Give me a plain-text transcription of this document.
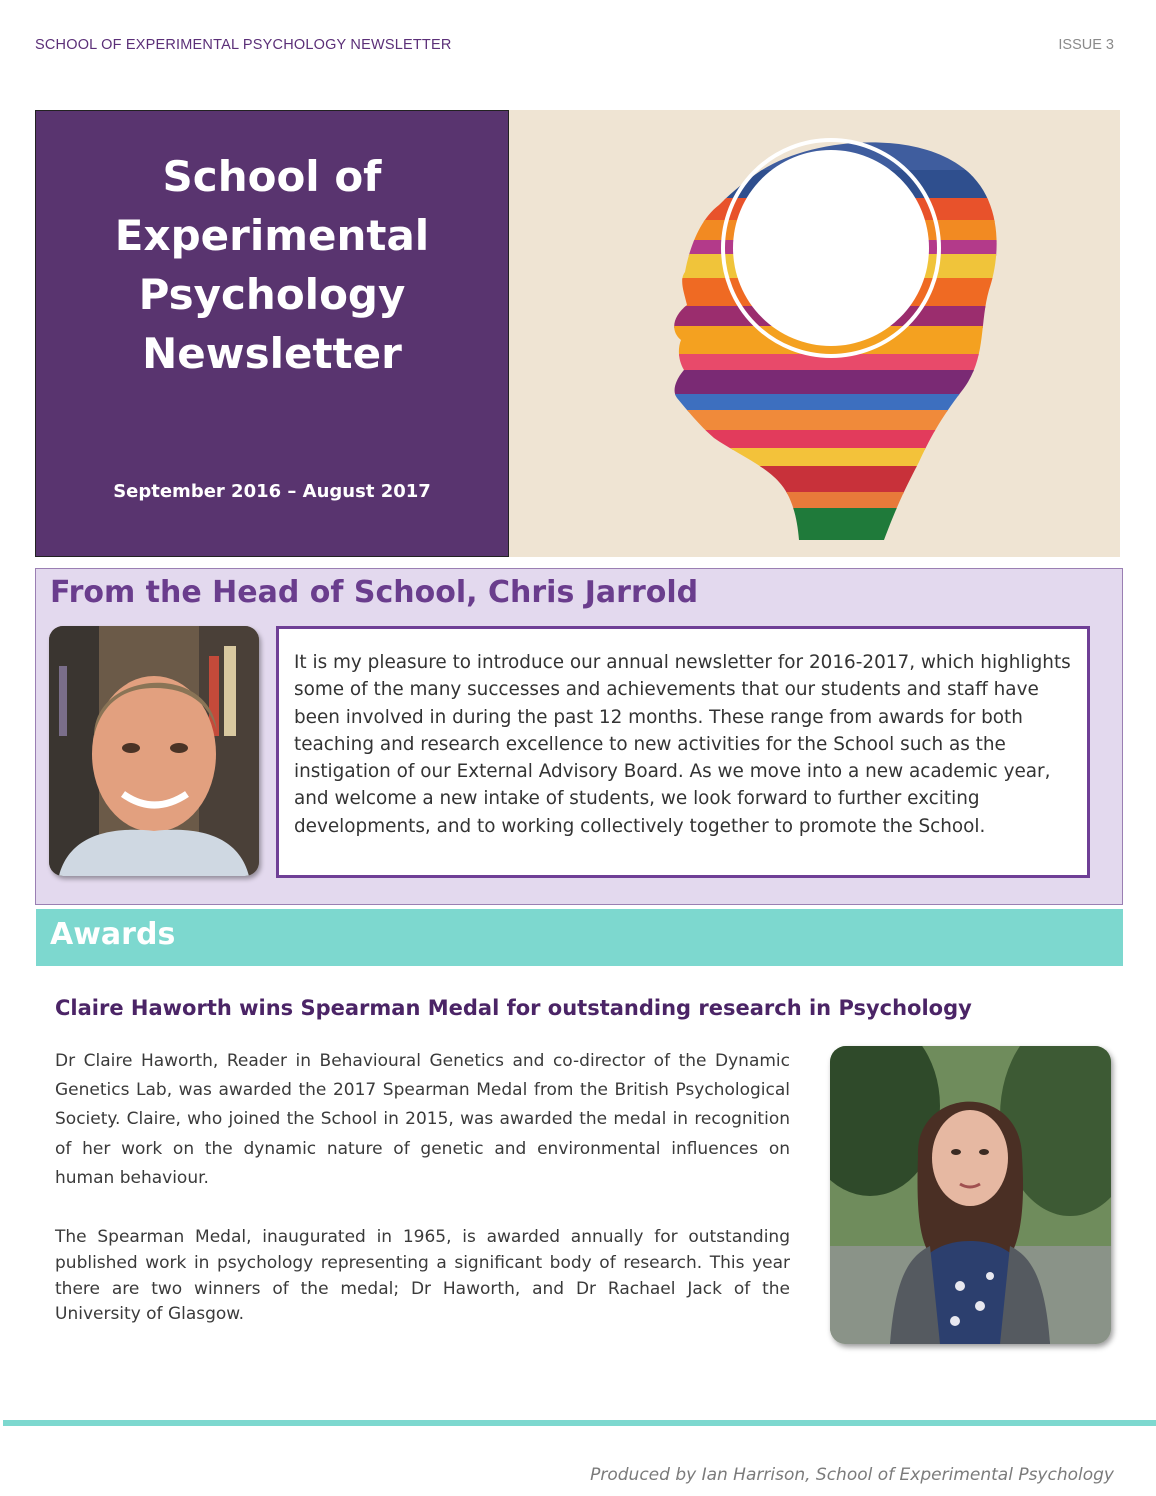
SCHOOL OF EXPERIMENTAL PSYCHOLOGY NEWSLETTER	ISSUE 3
School of Experimental Psychology Newsletter
September 2016 – August 2017
From the Head of School, Chris Jarrold
It is my pleasure to introduce our annual newsletter for 2016-2017, which highlights some of the many successes and achievements that our students and staff have been involved in during the past 12 months. These range from awards for both teaching and research excellence to new activities for the School such as the instigation of our External Advisory Board. As we move into a new academic year, and welcome a new intake of students, we look forward to further exciting developments, and to working collectively together to promote the School.
Awards
Claire Haworth wins Spearman Medal for outstanding research in Psychology
Dr Claire Haworth, Reader in Behavioural Genetics and co-director of the Dynamic Genetics Lab, was awarded the 2017 Spearman Medal from the British Psychological Society. Claire, who joined the School in 2015, was awarded the medal in recognition of her work on the dynamic nature of genetic and environmental influences on human behaviour.
The Spearman Medal, inaugurated in 1965, is awarded annually for outstanding published work in psychology representing a significant body of research. This year there are two winners of the medal; Dr Haworth, and Dr Rachael Jack of the University of Glasgow.
Produced by Ian Harrison, School of Experimental Psychology
